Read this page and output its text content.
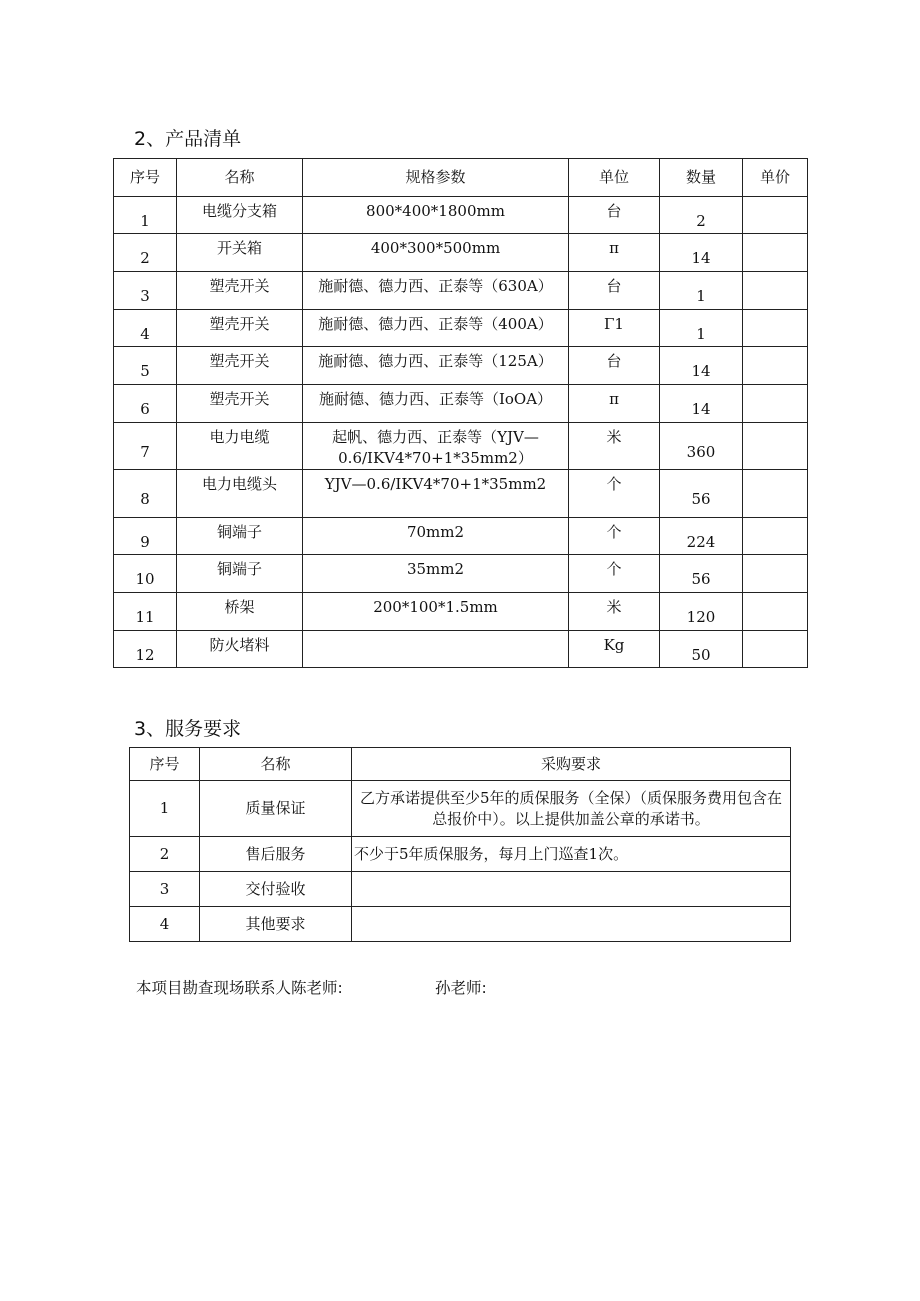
2、产品清单
序号	名称	规格参数	单位	数量	单价
1	电缆分支箱	800*400*1800mm	台	2	
2	开关箱	400*300*500mm	π	14	
3	塑壳开关	施耐德、德力西、正泰等（630A）	台	1	
4	塑壳开关	施耐德、德力西、正泰等（400A）	Γ1	1	
5	塑壳开关	施耐德、德力西、正泰等（125A）	台	14	
6	塑壳开关	施耐德、德力西、正泰等（IoOA）	π	14	
7	电力电缆	起帆、德力西、正泰等（YJV—0.6/IKV4*70+1*35mm2）	米	360	
8	电力电缆头	YJV—0.6/IKV4*70+1*35mm2	个	56	
9	铜端子	70mm2	个	224	
10	铜端子	35mm2	个	56	
11	桥架	200*100*1.5mm	米	120	
12	防火堵料		Kg	50	
3、服务要求
序号	名称	采购要求
1	质量保证	乙方承诺提供至少5年的质保服务（全保）（质保服务费用包含在总报价中）。以上提供加盖公章的承诺书。
2	售后服务	不少于5年质保服务，每月上门巡查1次。
3	交付验收	
4	其他要求	
本项目勘查现场联系人陈老师:	孙老师:
